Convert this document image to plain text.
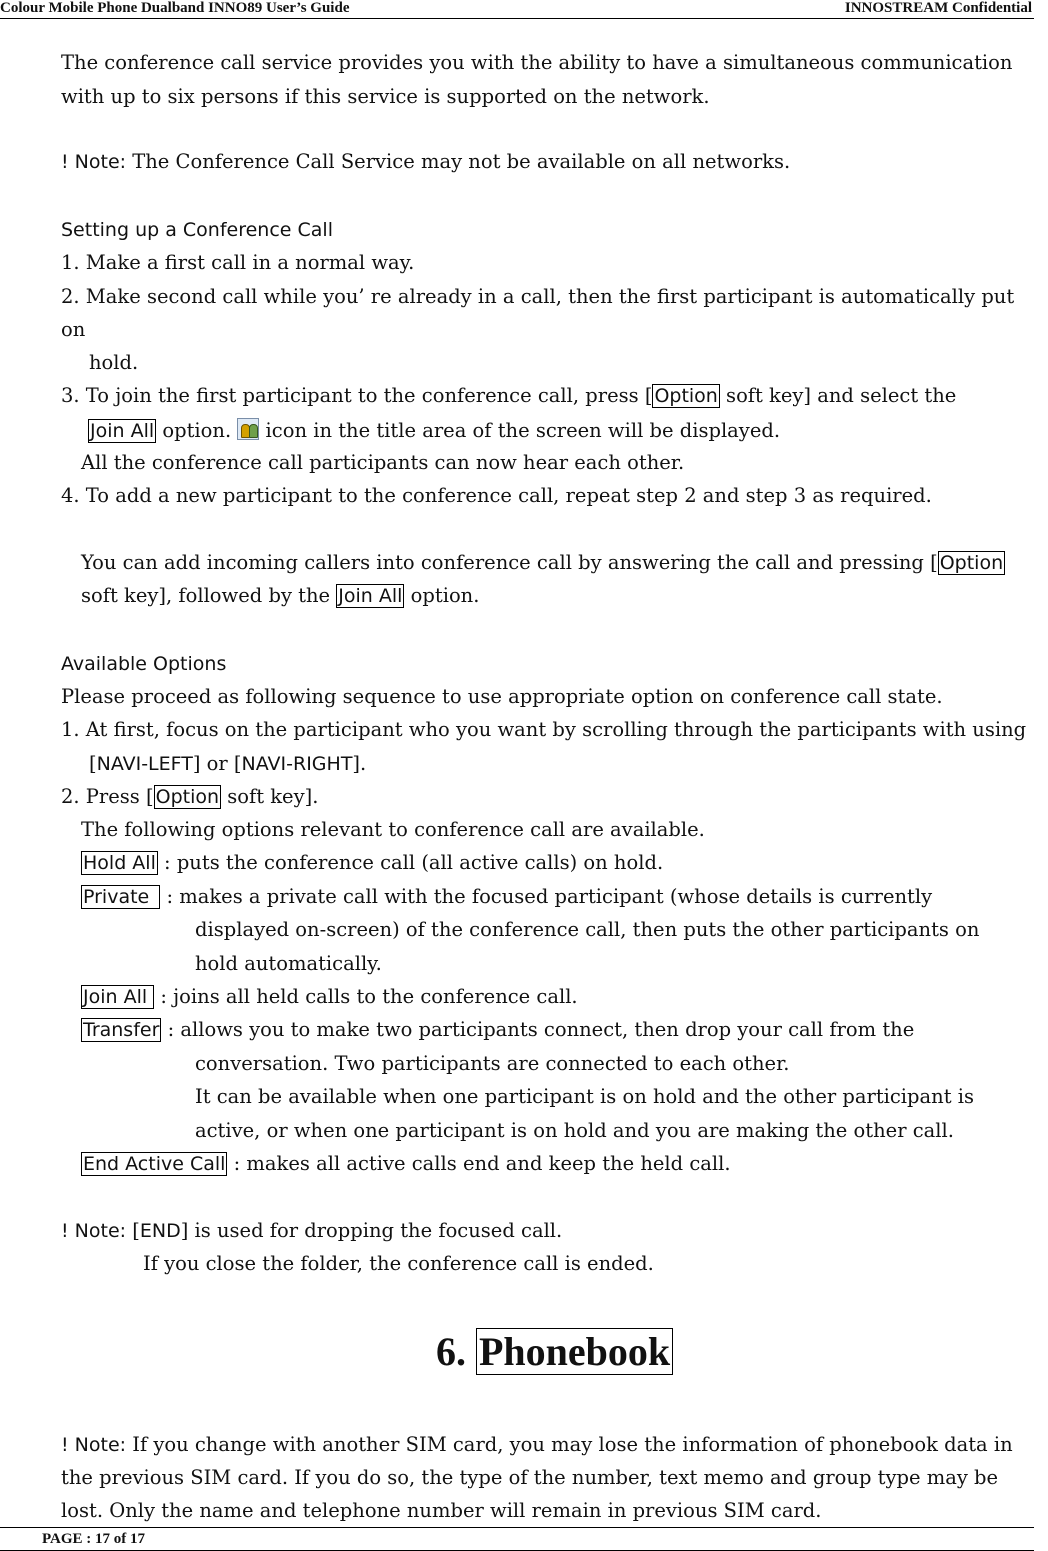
Colour Mobile Phone Dualband INNO89 User’s Guide	INNOSTREAM Confidential
The conference call service provides you with the ability to have a simultaneous communication
with up to six persons if this service is supported on the network.
! Note: The Conference Call Service may not be available on all networks.
Setting up a Conference Call
1. Make a first call in a normal way.
2. Make second call while you’ re already in a call, then the first participant is automatically put
on
hold.
3. To join the first participant to the conference call, press [ Option soft key] and select the
Join All option.  icon in the title area of the screen will be displayed.
All the conference call participants can now hear each other.
4. To add a new participant to the conference call, repeat step 2 and step 3 as required.
You can add incoming callers into conference call by answering the call and pressing [ Option
soft key], followed by the Join All option.
Available Options
Please proceed as following sequence to use appropriate option on conference call state.
1. At first, focus on the participant who you want by scrolling through the participants with using
[NAVI-LEFT] or [NAVI-RIGHT].
2. Press [ Option soft key].
The following options relevant to conference call are available.
Hold All : puts the conference call (all active calls) on hold.
Private : makes a private call with the focused participant (whose details is currently
displayed on-screen) of the conference call, then puts the other participants on
hold automatically.
Join All : joins all held calls to the conference call.
Transfer : allows you to make two participants connect, then drop your call from the
conversation. Two participants are connected to each other.
It can be available when one participant is on hold and the other participant is
active, or when one participant is on hold and you are making the other call.
End Active Call : makes all active calls end and keep the held call.
! Note: [END] is used for dropping the focused call.
If you close the folder, the conference call is ended.
6. Phonebook
! Note: If you change with another SIM card, you may lose the information of phonebook data in
the previous SIM card. If you do so, the type of the number, text memo and group type may be
lost. Only the name and telephone number will remain in previous SIM card.
PAGE : 17 of 17
